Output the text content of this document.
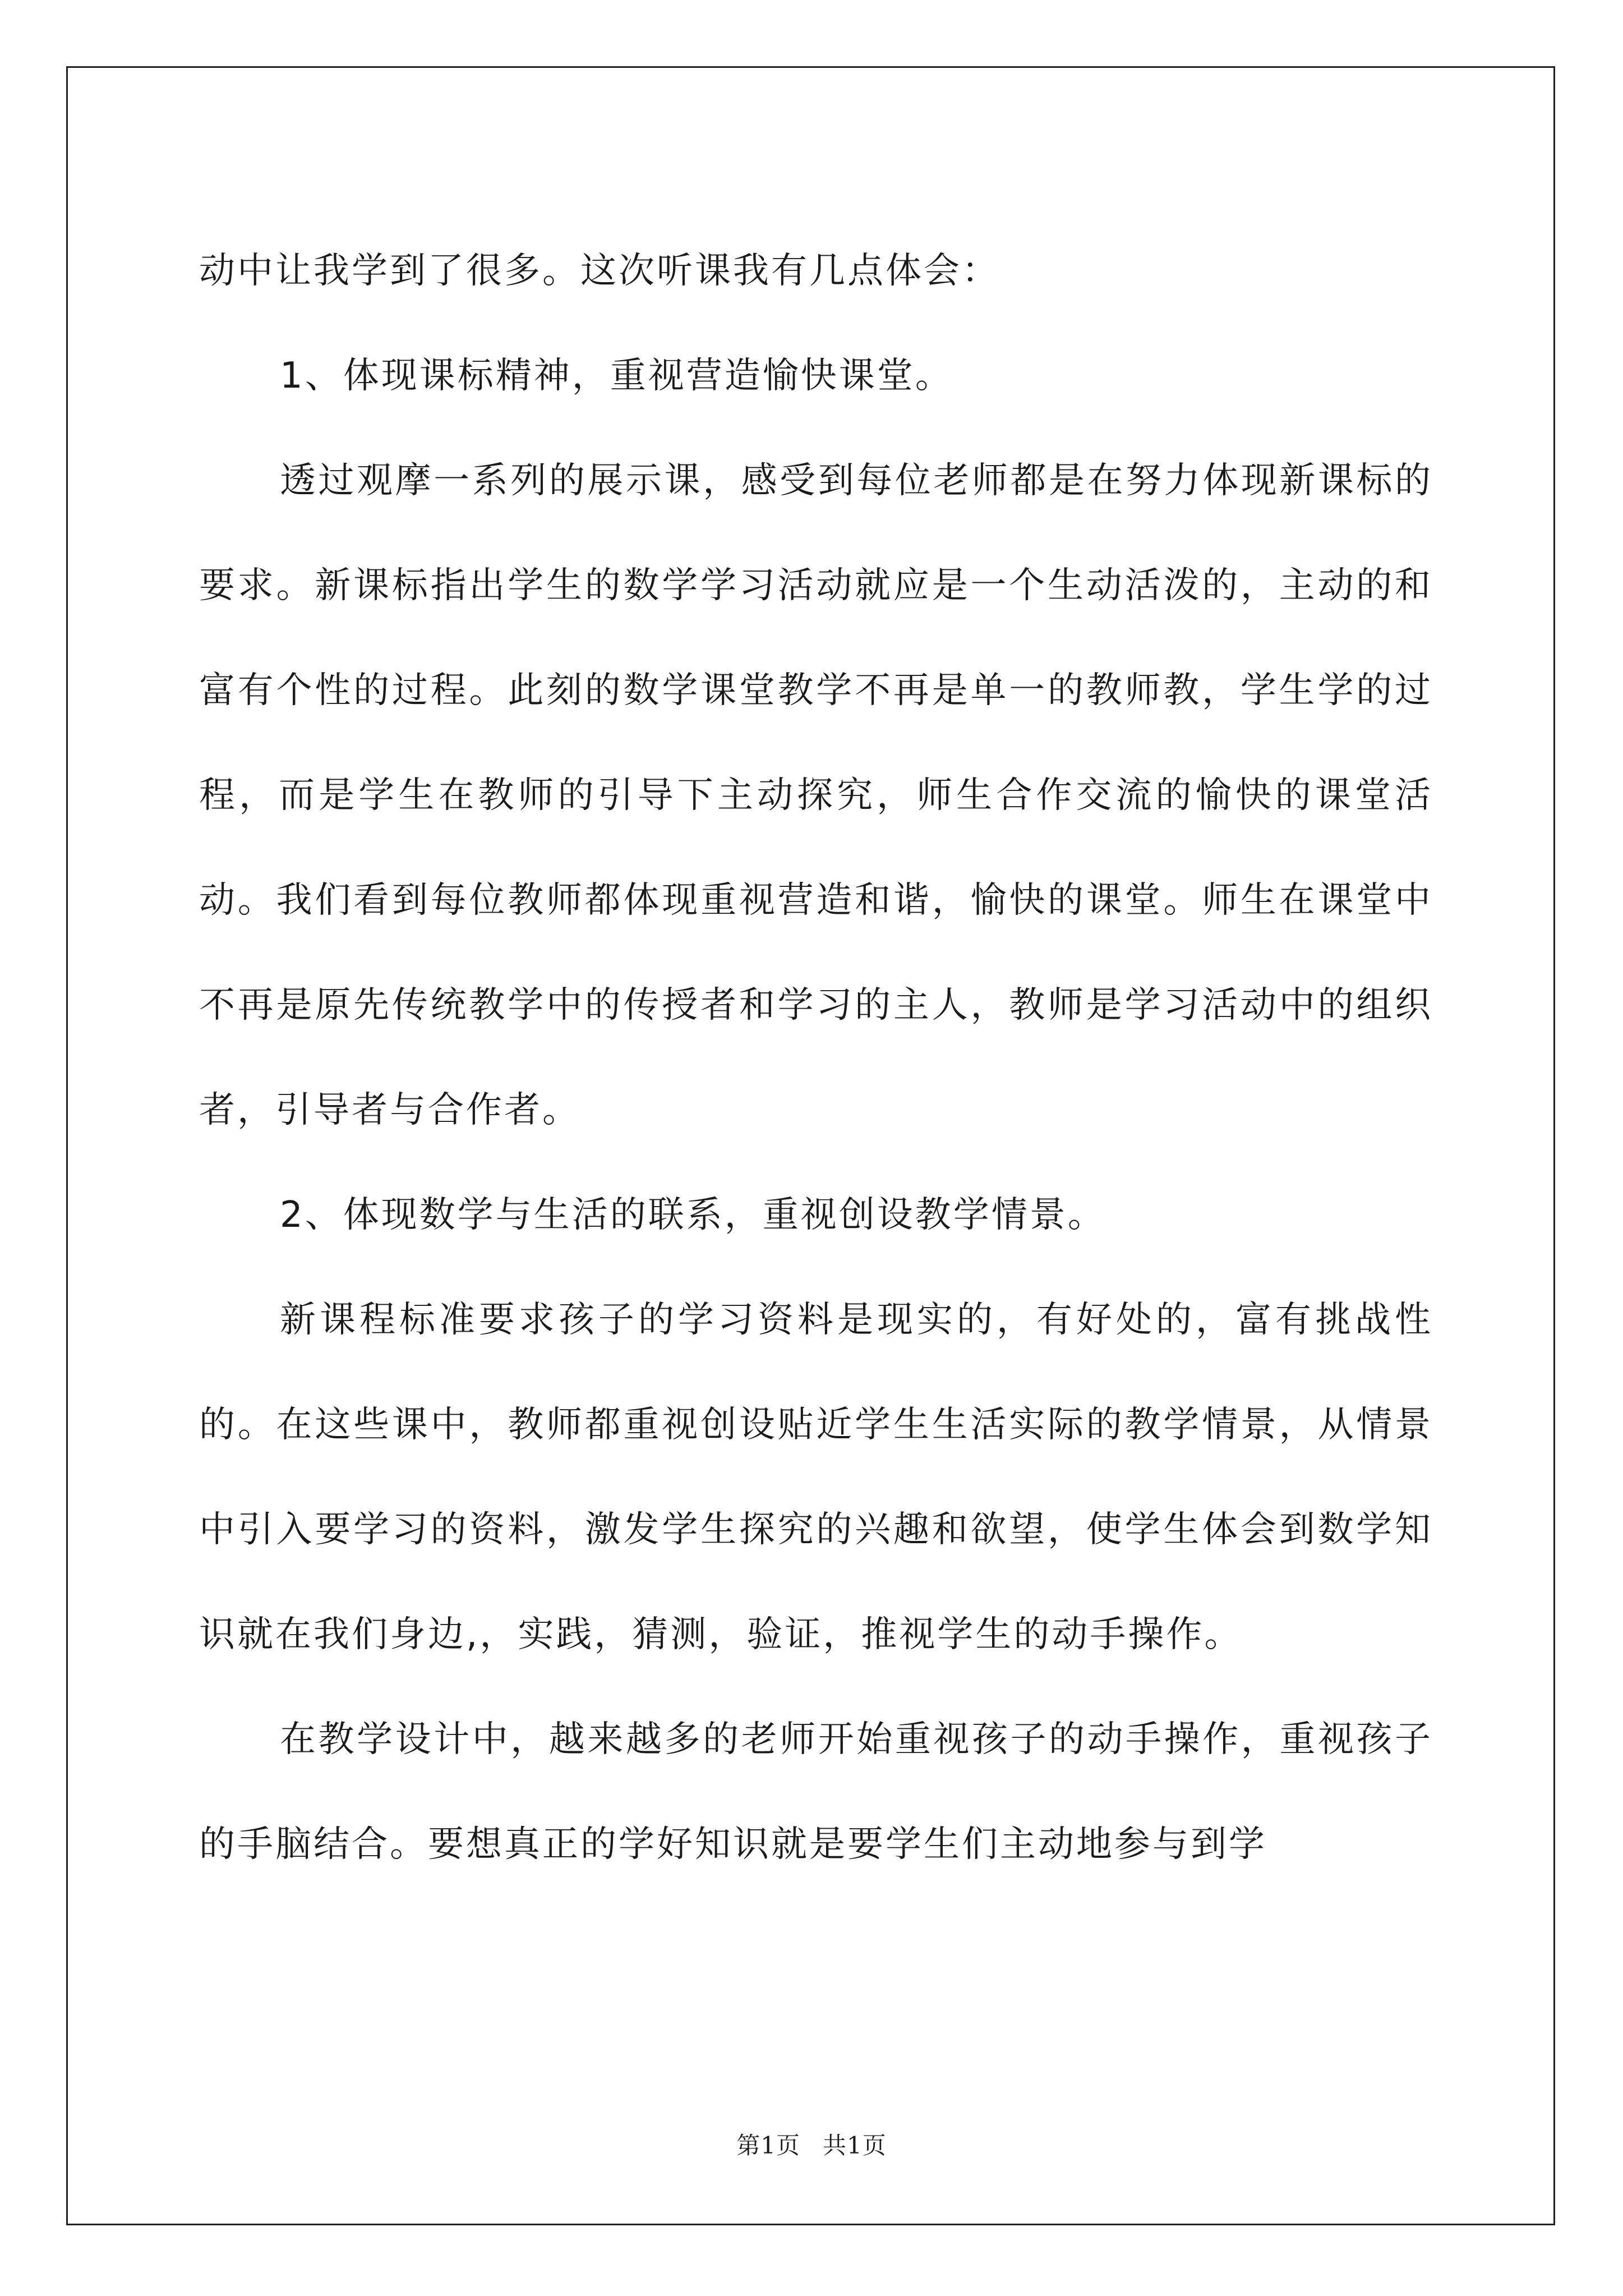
动中让我学到了很多。这次听课我有几点体会：

1、体现课标精神，重视营造愉快课堂。

透过观摩一系列的展示课，感受到每位老师都是在努力体现新课标的要求。新课标指出学生的数学学习活动就应是一个生动活泼的，主动的和富有个性的过程。此刻的数学课堂教学不再是单一的教师教，学生学的过程，而是学生在教师的引导下主动探究，师生合作交流的愉快的课堂活动。我们看到每位教师都体现重视营造和谐，愉快的课堂。师生在课堂中不再是原先传统教学中的传授者和学习的主人，教师是学习活动中的组织者，引导者与合作者。

2、体现数学与生活的联系，重视创设教学情景。

新课程标准要求孩子的学习资料是现实的，有好处的，富有挑战性的。在这些课中，教师都重视创设贴近学生生活实际的教学情景，从情景中引入要学习的资料，激发学生探究的兴趣和欲望，使学生体会到数学知识就在我们身边,，实践，猜测，验证，推视学生的动手操作。

在教学设计中，越来越多的老师开始重视孩子的动手操作，重视孩子的手脑结合。要想真正的学好知识就是要学生们主动地参与到学

第1页 共1页
